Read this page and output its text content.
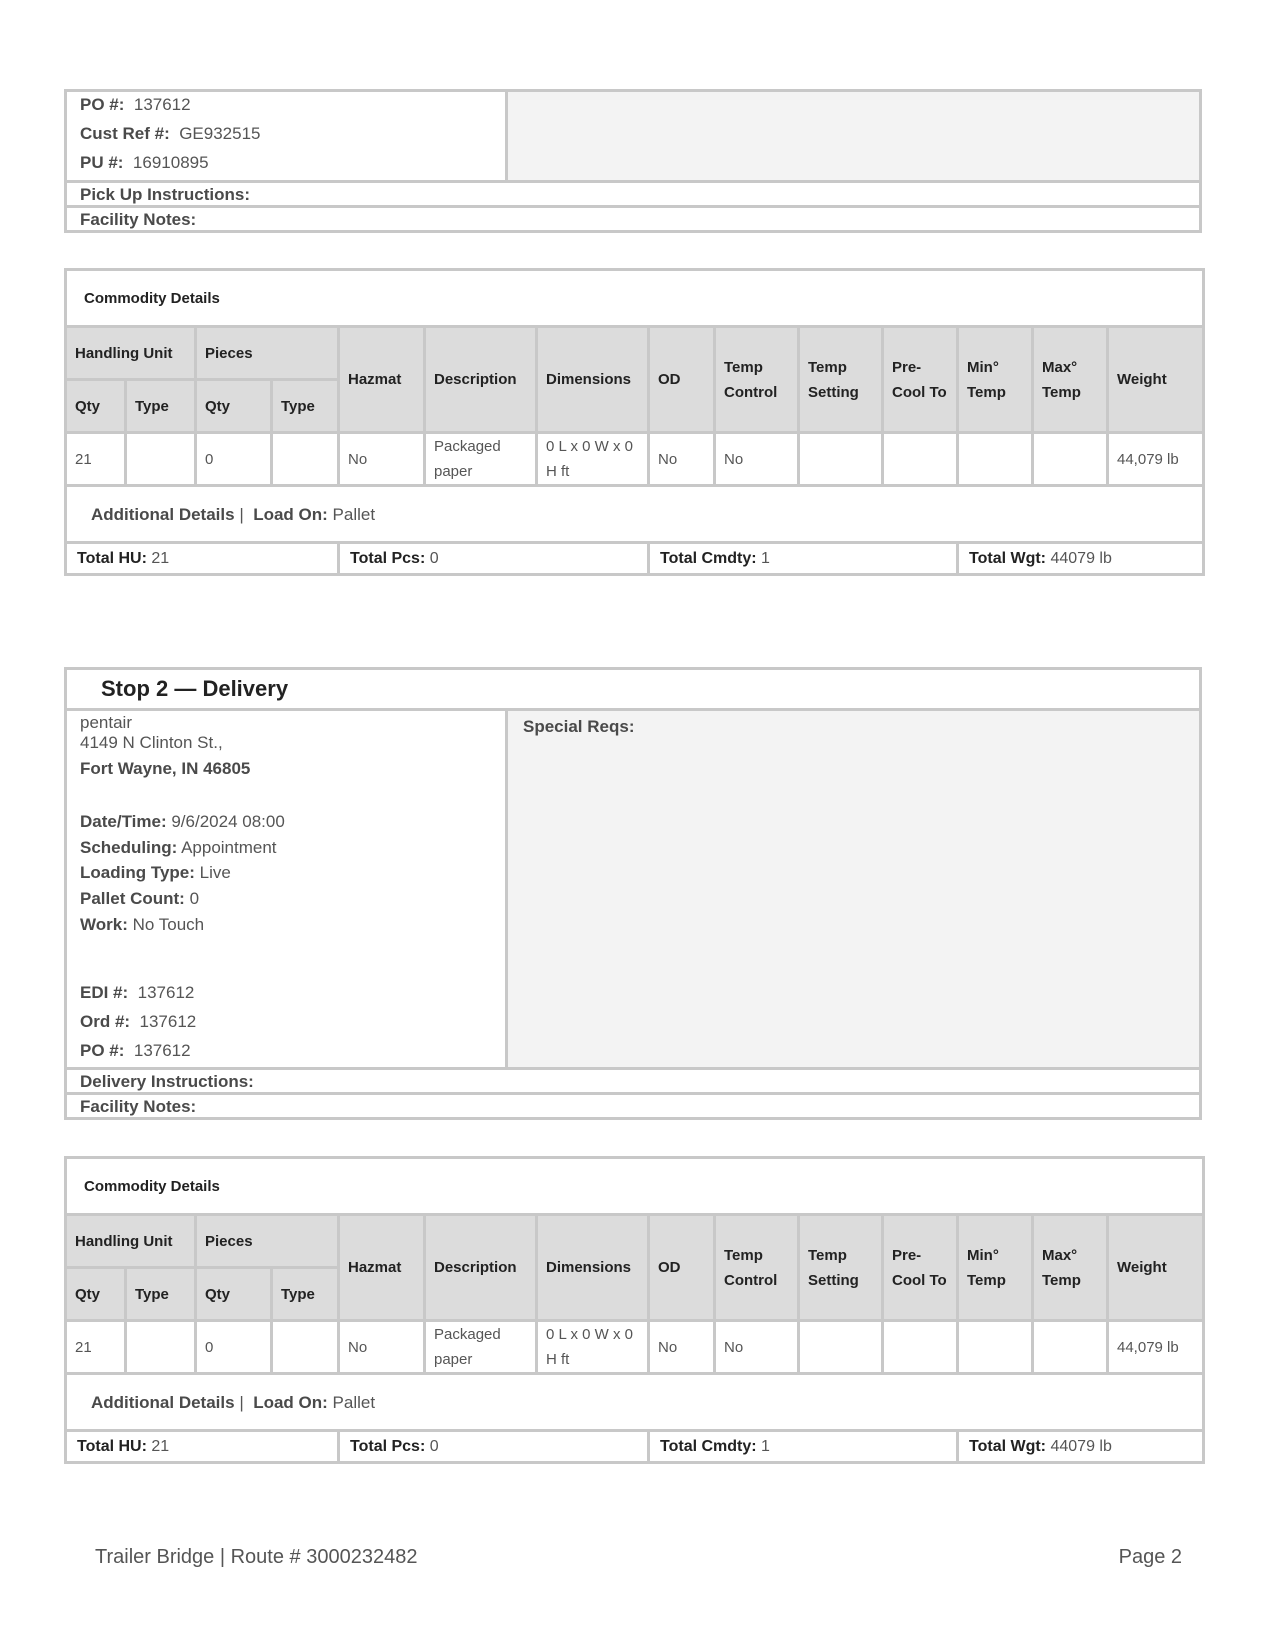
PO #: 137612
Cust Ref #: GE932515
PU #: 16910895
Pick Up Instructions:
Facility Notes:
Commodity Details													
Handling Unit		Pieces		Hazmat	Description	Dimensions	OD	Temp Control	Temp Setting	Pre-Cool To	Min° Temp	Max° Temp	Weight
Qty	Type	Qty	Type										
21		0		No	Packaged paper	0 L x 0 W x 0 H ft	No	No					44,079 lb
Additional Details | Load On: Pallet													
Total HU: 21				Total Pcs: 0			Total Cmdty: 1				Total Wgt: 44079 lb		
Stop 2 — Delivery
pentair
4149 N Clinton St.,
Fort Wayne, IN 46805
Date/Time: 9/6/2024 08:00
Scheduling: Appointment
Loading Type: Live
Pallet Count: 0
Work: No Touch
EDI #: 137612
Ord #: 137612
PO #: 137612
Special Reqs:
Delivery Instructions:
Facility Notes:
Commodity Details													
Handling Unit		Pieces		Hazmat	Description	Dimensions	OD	Temp Control	Temp Setting	Pre-Cool To	Min° Temp	Max° Temp	Weight
Qty	Type	Qty	Type										
21		0		No	Packaged paper	0 L x 0 W x 0 H ft	No	No					44,079 lb
Additional Details | Load On: Pallet													
Total HU: 21				Total Pcs: 0			Total Cmdty: 1				Total Wgt: 44079 lb		
Trailer Bridge | Route # 3000232482	Page 2
